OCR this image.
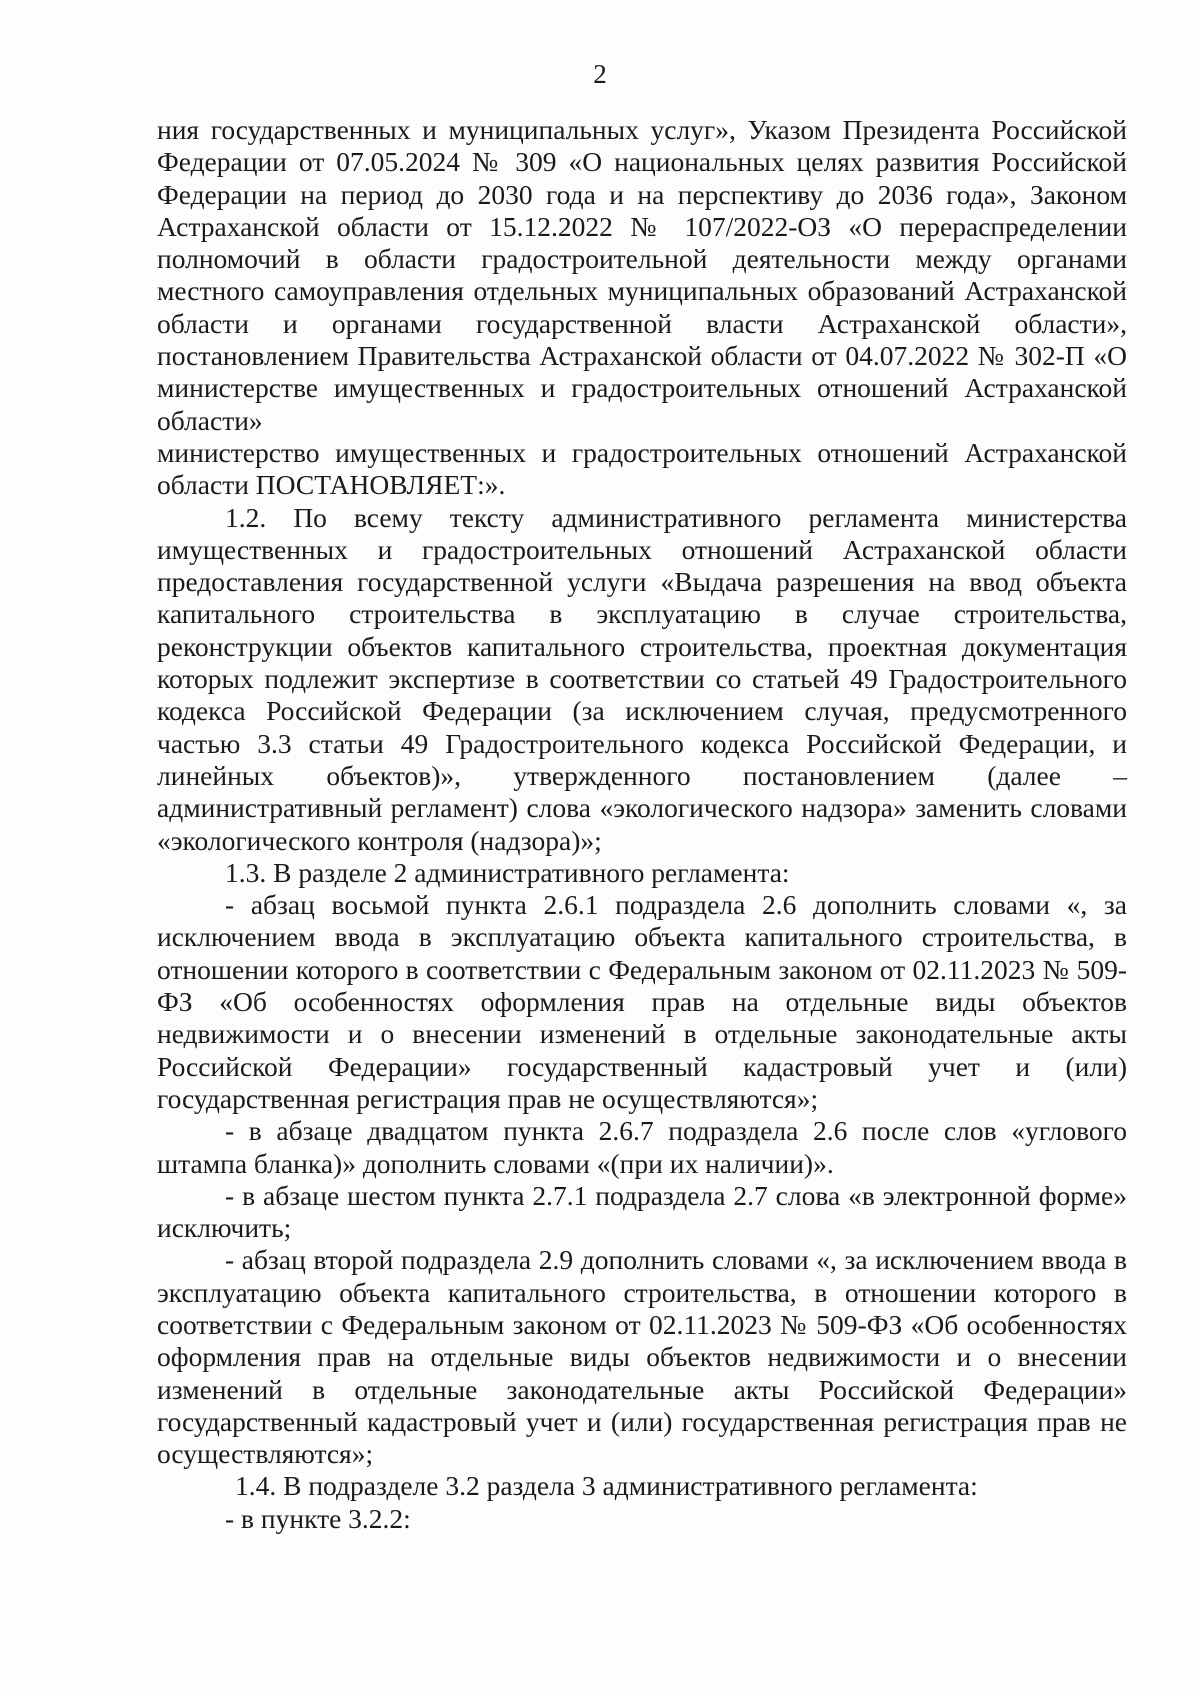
2

ния государственных и муниципальных услуг», Указом Президента Российской Федерации от 07.05.2024 № 309 «О национальных целях развития Российской Федерации на период до 2030 года и на перспективу до 2036 года», Законом Астраханской области от 15.12.2022 № 107/2022-ОЗ «О перераспределении полномочий в области градостроительной деятельности между органами местного самоуправления отдельных муниципальных образований Астраханской области и органами государственной власти Астраханской области», постановлением Правительства Астраханской области от 04.07.2022 № 302-П «О министерстве имущественных и градостроительных отношений Астраханской области»

министерство имущественных и градостроительных отношений Астраханской области ПОСТАНОВЛЯЕТ:».

1.2. По всему тексту административного регламента министерства имущественных и градостроительных отношений Астраханской области предоставления государственной услуги «Выдача разрешения на ввод объекта капитального строительства в эксплуатацию в случае строительства, реконструкции объектов капитального строительства, проектная документация которых подлежит экспертизе в соответствии со статьей 49 Градостроительного кодекса Российской Федерации (за исключением случая, предусмотренного частью 3.3 статьи 49 Градостроительного кодекса Российской Федерации, и линейных объектов)», утвержденного постановлением (далее – административный регламент) слова «экологического надзора» заменить словами «экологического контроля (надзора)»;

1.3. В разделе 2 административного регламента:

- абзац восьмой пункта 2.6.1 подраздела 2.6 дополнить словами «, за исключением ввода в эксплуатацию объекта капитального строительства, в отношении которого в соответствии с Федеральным законом от 02.11.2023 № 509-ФЗ «Об особенностях оформления прав на отдельные виды объектов недвижимости и о внесении изменений в отдельные законодательные акты Российской Федерации» государственный кадастровый учет и (или) государственная регистрация прав не осуществляются»;

- в абзаце двадцатом пункта 2.6.7 подраздела 2.6 после слов «углового штампа бланка)» дополнить словами «(при их наличии)».

- в абзаце шестом пункта 2.7.1 подраздела 2.7 слова «в электронной форме» исключить;

- абзац второй подраздела 2.9 дополнить словами «, за исключением ввода в эксплуатацию объекта капитального строительства, в отношении которого в соответствии с Федеральным законом от 02.11.2023 № 509-ФЗ «Об особенностях оформления прав на отдельные виды объектов недвижимости и о внесении изменений в отдельные законодательные акты Российской Федерации» государственный кадастровый учет и (или) государственная регистрация прав не осуществляются»;

1.4. В подразделе 3.2 раздела 3 административного регламента:

- в пункте 3.2.2:
